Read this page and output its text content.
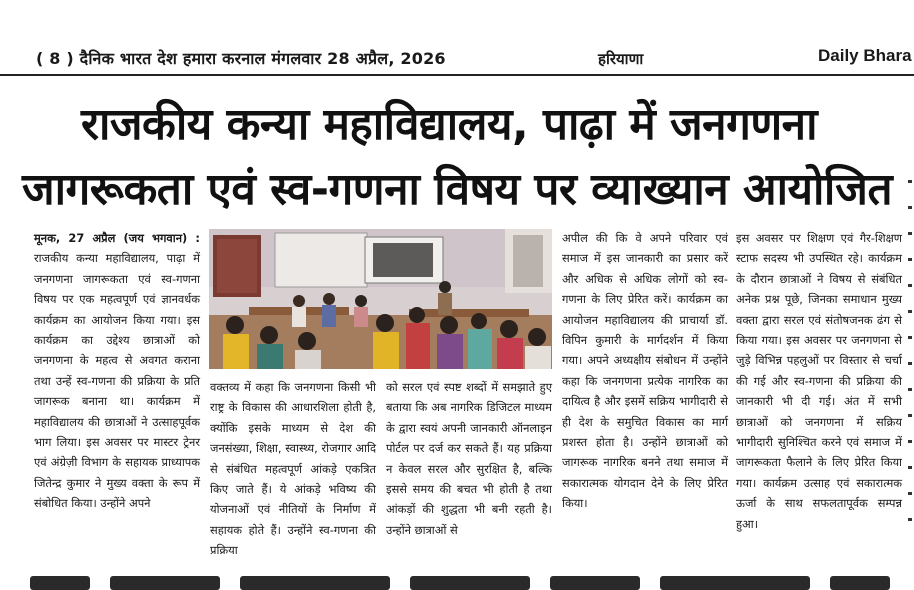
( 8 ) दैनिक भारत देश हमारा करनाल मंगलवार 28 अप्रैल, 2026	हरियाणा	Daily Bhara
राजकीय कन्या महाविद्यालय, पाढ़ा में जनगणना
जागरूकता एवं स्व-गणना विषय पर व्याख्यान आयोजित
मूनक, 27 अप्रैल (जय भगवान) : राजकीय कन्या महाविद्यालय, पाढ़ा में जनगणना जागरूकता एवं स्व-गणना विषय पर एक महत्वपूर्ण एवं ज्ञानवर्धक कार्यक्रम का आयोजन किया गया। इस कार्यक्रम का उद्देश्य छात्राओं को जनगणना के महत्व से अवगत कराना तथा उन्हें स्व-गणना की प्रक्रिया के प्रति जागरूक बनाना था। कार्यक्रम में महाविद्यालय की छात्राओं ने उत्साहपूर्वक भाग लिया। इस अवसर पर मास्टर ट्रेनर एवं अंग्रेज़ी विभाग के सहायक प्राध्यापक जितेन्द्र कुमार ने मुख्य वक्ता के रूप में संबोधित किया। उन्होंने अपने
वक्तव्य में कहा कि जनगणना किसी भी राष्ट्र के विकास की आधारशिला होती है, क्योंकि इसके माध्यम से देश की जनसंख्या, शिक्षा, स्वास्थ्य, रोजगार आदि से संबंधित महत्वपूर्ण आंकड़े एकत्रित किए जाते हैं। ये आंकड़े भविष्य की योजनाओं एवं नीतियों के निर्माण में सहायक होते हैं। उन्होंने स्व-गणना की प्रक्रिया
को सरल एवं स्पष्ट शब्दों में समझाते हुए बताया कि अब नागरिक डिजिटल माध्यम के द्वारा स्वयं अपनी जानकारी ऑनलाइन पोर्टल पर दर्ज कर सकते हैं। यह प्रक्रिया न केवल सरल और सुरक्षित है, बल्कि इससे समय की बचत भी होती है तथा आंकड़ों की शुद्धता भी बनी रहती है। उन्होंने छात्राओं से
अपील की कि वे अपने परिवार एवं समाज में इस जानकारी का प्रसार करें और अधिक से अधिक लोगों को स्व-गणना के लिए प्रेरित करें। कार्यक्रम का आयोजन महाविद्यालय की प्राचार्या डॉ. विपिन कुमारी के मार्गदर्शन में किया गया। अपने अध्यक्षीय संबोधन में उन्होंने कहा कि जनगणना प्रत्येक नागरिक का दायित्व है और इसमें सक्रिय भागीदारी से ही देश के समुचित विकास का मार्ग प्रशस्त होता है। उन्होंने छात्राओं को जागरूक नागरिक बनने तथा समाज में सकारात्मक योगदान देने के लिए प्रेरित किया।
इस अवसर पर शिक्षण एवं गैर-शिक्षण स्टाफ सदस्य भी उपस्थित रहे। कार्यक्रम के दौरान छात्राओं ने विषय से संबंधित अनेक प्रश्न पूछे, जिनका समाधान मुख्य वक्ता द्वारा सरल एवं संतोषजनक ढंग से किया गया। इस अवसर पर जनगणना से जुड़े विभिन्न पहलुओं पर विस्तार से चर्चा की गई और स्व-गणना की प्रक्रिया की जानकारी भी दी गई। अंत में सभी छात्राओं को जनगणना में सक्रिय भागीदारी सुनिश्चित करने एवं समाज में जागरूकता फैलाने के लिए प्रेरित किया गया। कार्यक्रम उत्साह एवं सकारात्मक ऊर्जा के साथ सफलतापूर्वक सम्पन्न हुआ।
